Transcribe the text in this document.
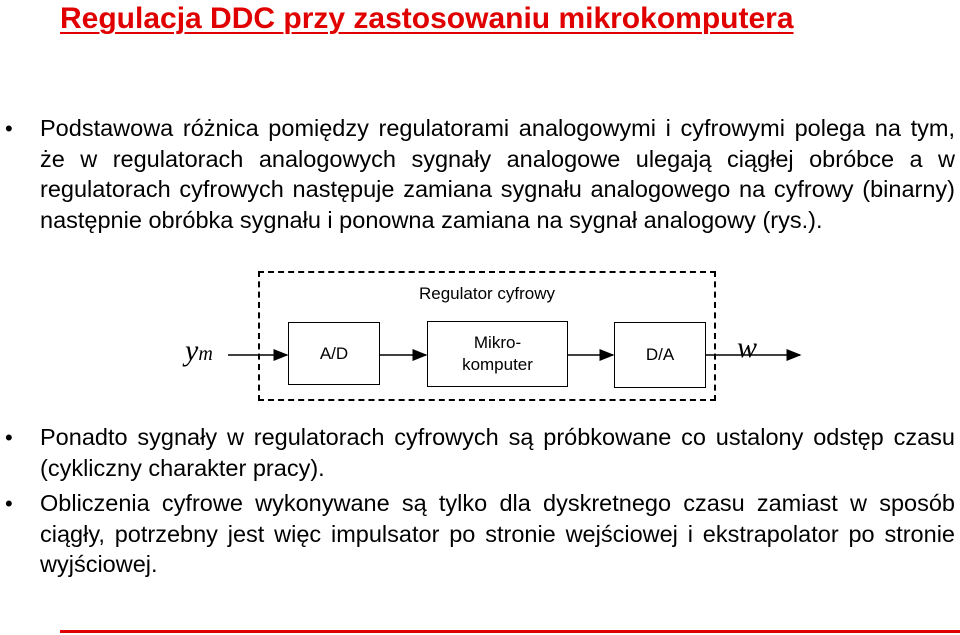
Regulacja DDC przy zastosowaniu mikrokomputera
• Podstawowa różnica pomiędzy regulatorami analogowymi i cyfrowymi polega na tym, że w regulatorach analogowych sygnały analogowe ulegają ciągłej obróbce a w regulatorach cyfrowych następuje zamiana sygnału analogowego na cyfrowy (binarny) następnie obróbka sygnału i ponowna zamiana na sygnał analogowy (rys.).
Regulator cyfrowy
ym	w
A/D
Mikro-
komputer
D/A
• Ponadto sygnały w regulatorach cyfrowych są próbkowane co ustalony odstęp czasu (cykliczny charakter pracy).
• Obliczenia cyfrowe wykonywane są tylko dla dyskretnego czasu zamiast w sposób ciągły, potrzebny jest więc impulsator po stronie wejściowej i ekstrapolator po stronie wyjściowej.
